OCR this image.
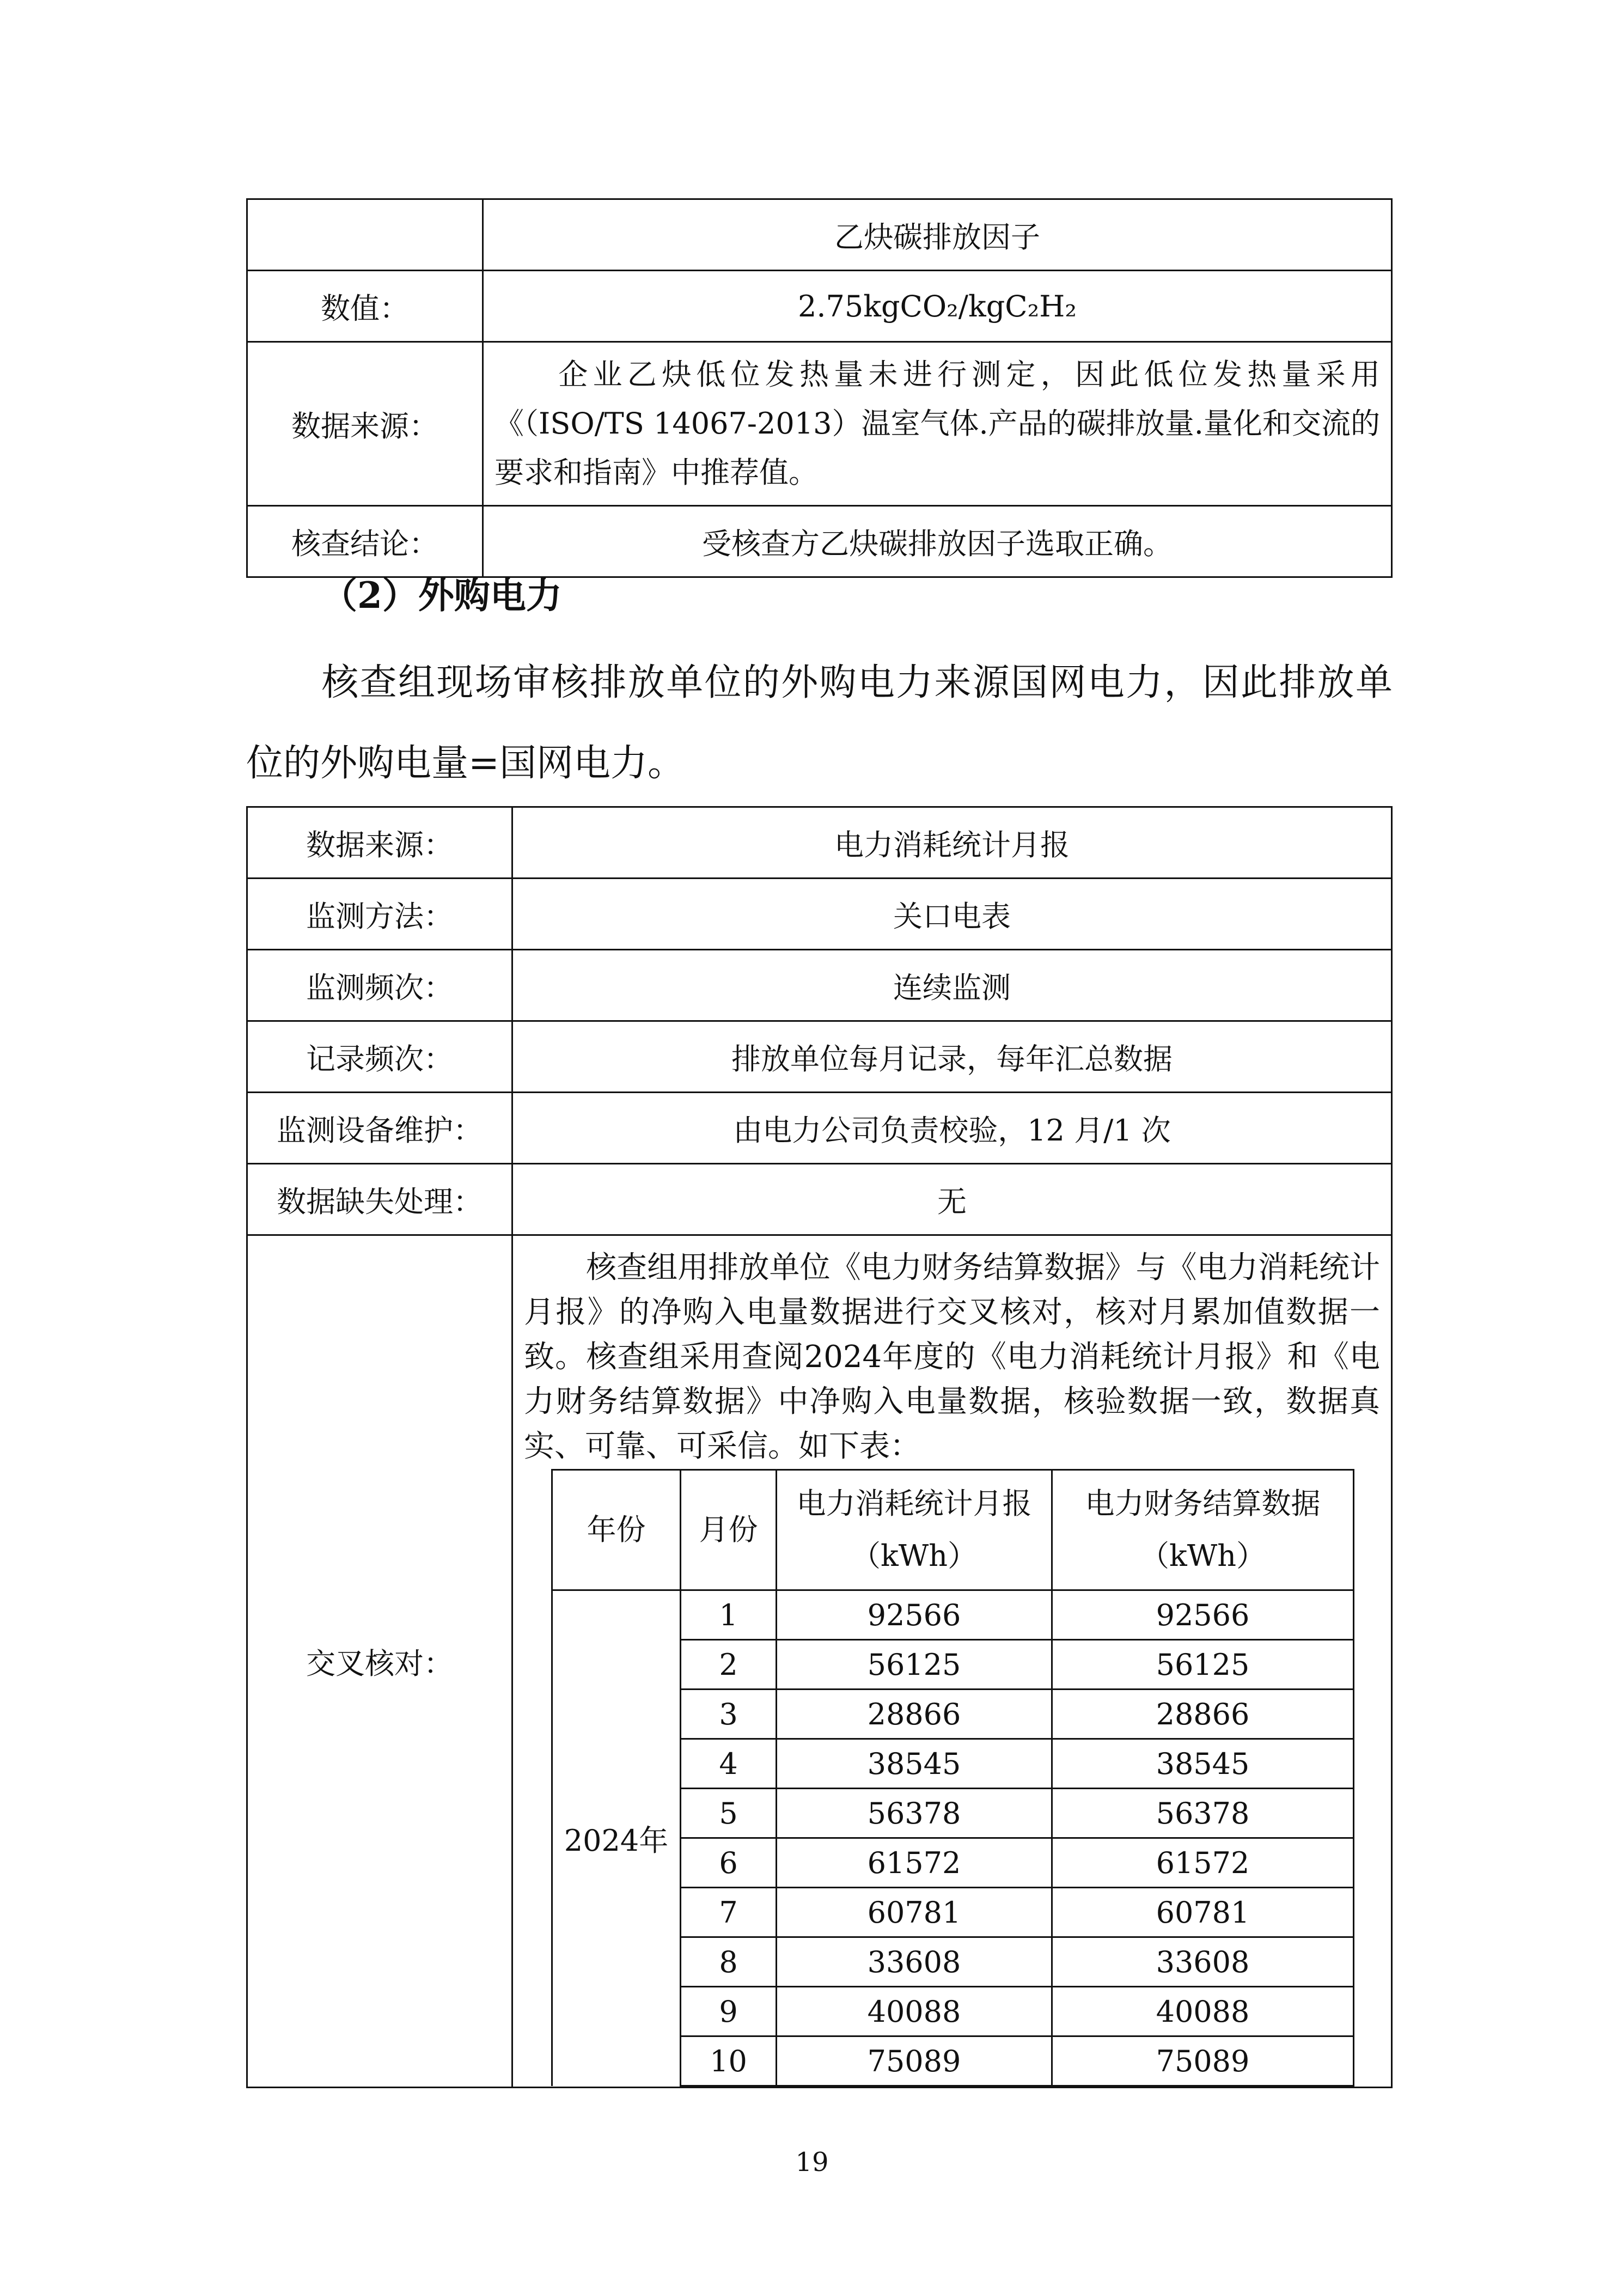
	乙炔碳排放因子
数值：	2.75kgCO₂/kgC₂H₂
数据来源：	企业乙炔低位发热量未进行测定，因此低位发热量采用《（ISO/TS 14067-2013）温室气体.产品的碳排放量.量化和交流的要求和指南》中推荐值。
核查结论：	受核查方乙炔碳排放因子选取正确。
（2）外购电力
核查组现场审核排放单位的外购电力来源国网电力，因此排放单位的外购电量=国网电力。
数据来源：	电力消耗统计月报
监测方法：	关口电表
监测频次：	连续监测
记录频次：	排放单位每月记录，每年汇总数据
监测设备维护：	由电力公司负责校验，12 月/1 次
数据缺失处理：	无
交叉核对：	
核查组用排放单位《电力财务结算数据》与《电力消耗统计月报》的净购入电量数据进行交叉核对，核对月累加值数据一致。核查组采用查阅2024年度的《电力消耗统计月报》和《电力财务结算数据》中净购入电量数据，核验数据一致，数据真实、可靠、可采信。如下表：
年份	月份	电力消耗统计月报（kWh）	电力财务结算数据（kWh）
2024年	1	92566	92566
2	56125	56125
3	28866	28866
4	38545	38545
5	56378	56378
6	61572	61572
7	60781	60781
8	33608	33608
9	40088	40088
10	75089	75089
19
